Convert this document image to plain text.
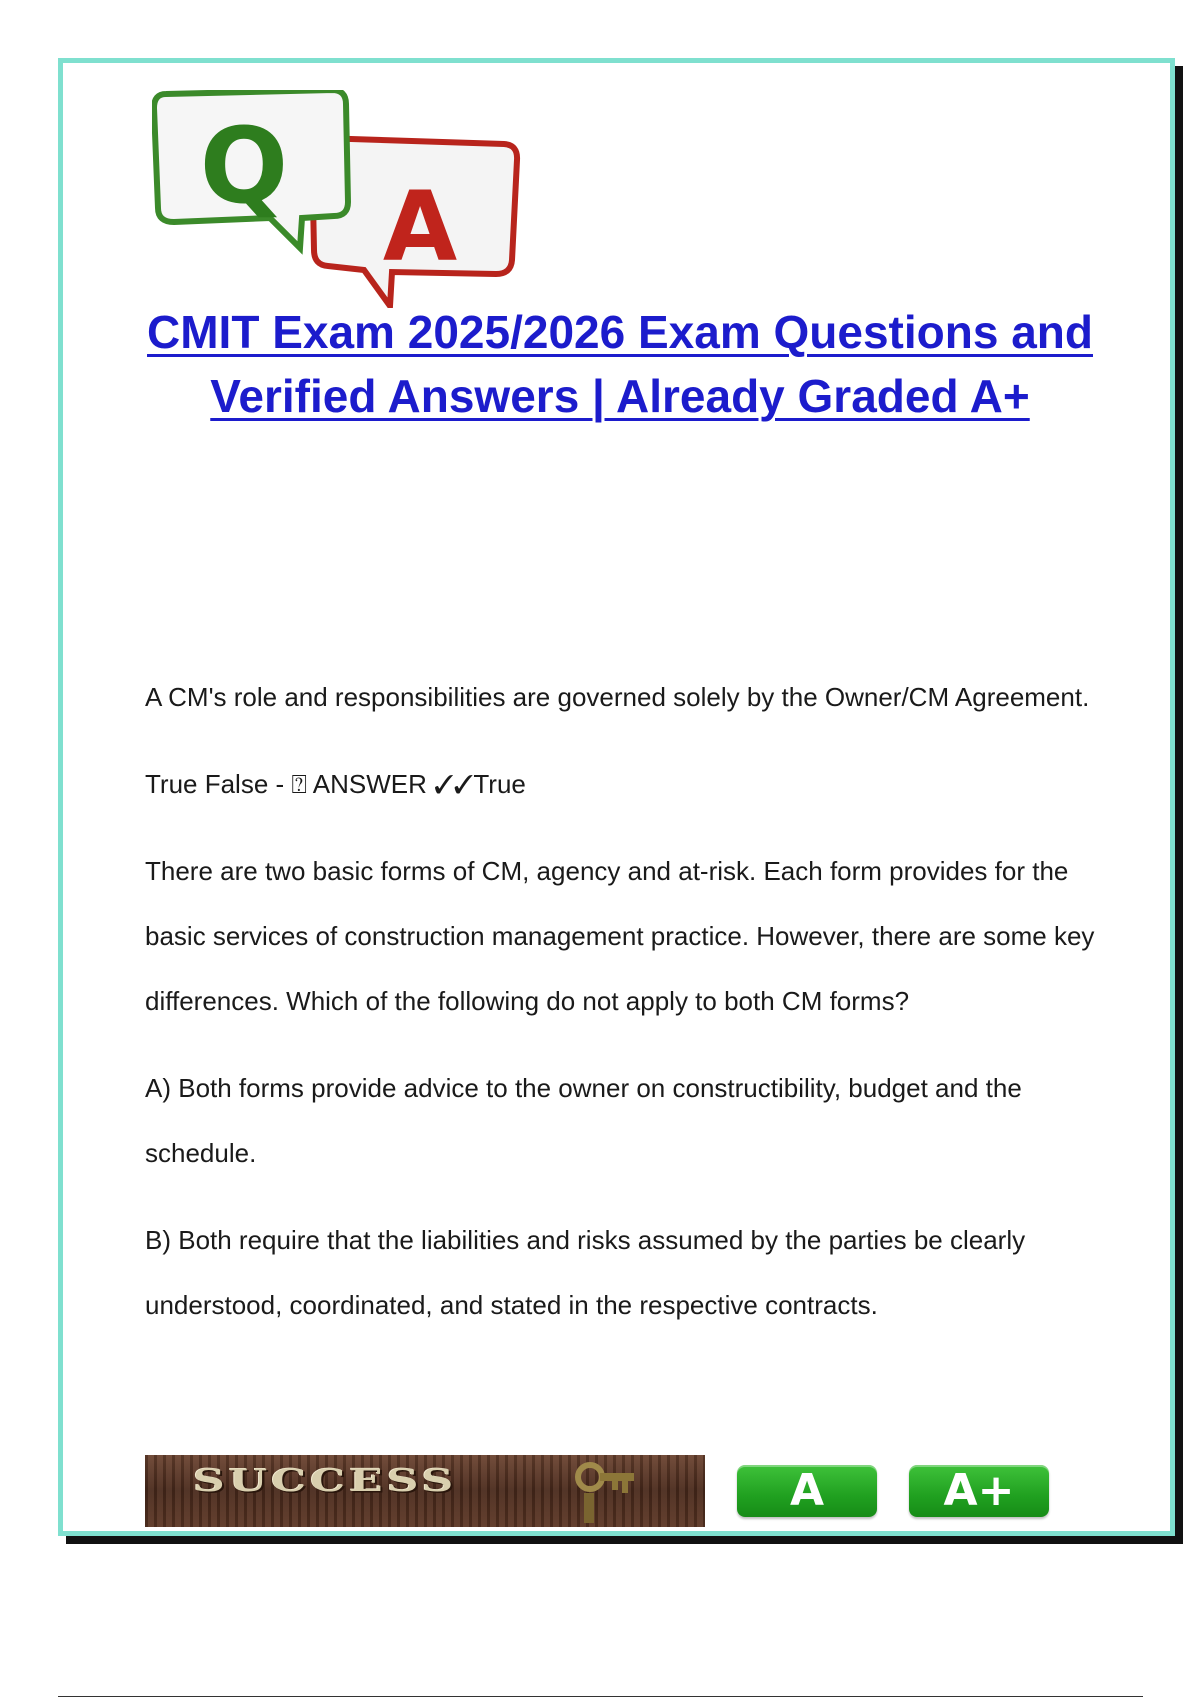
Q A
CMIT Exam 2025/2026 Exam Questions and Verified Answers | Already Graded A+

A CM's role and responsibilities are governed solely by the Owner/CM Agreement.

True False - ⍰ ANSWER ✓✓True

There are two basic forms of CM, agency and at-risk. Each form provides for the basic services of construction management practice. However, there are some key differences. Which of the following do not apply to both CM forms?

A) Both forms provide advice to the owner on constructibility, budget and the schedule.

B) Both require that the liabilities and risks assumed by the parties be clearly understood, coordinated, and stated in the respective contracts.

SUCCESS	A	A+
